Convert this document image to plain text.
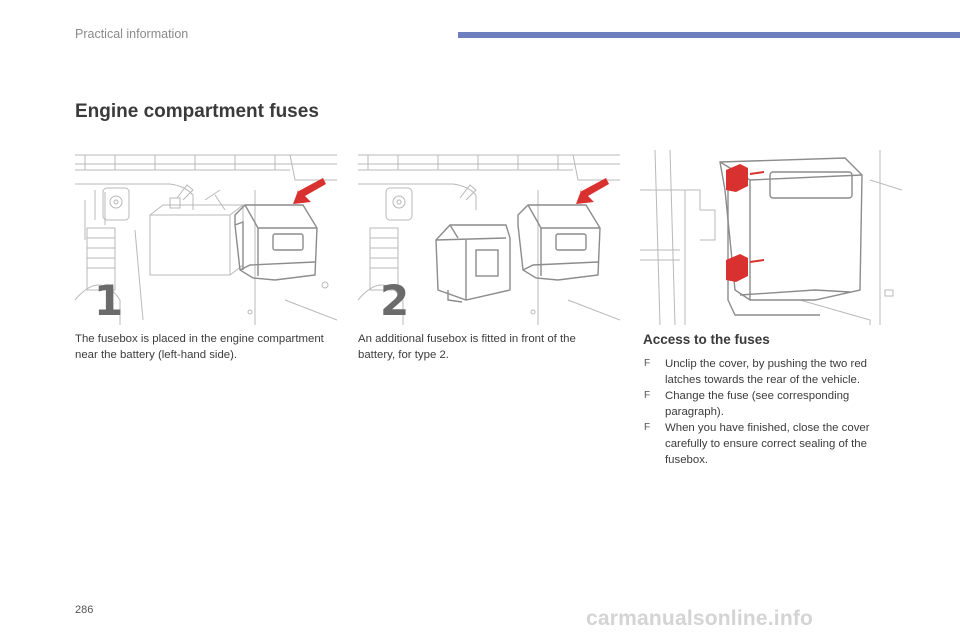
Practical information
Engine compartment fuses
1	2

The fusebox is placed in the engine compartment near the battery (left-hand side).

An additional fusebox is fitted in front of the battery, for type 2.

Access to the fuses
F Unclip the cover, by pushing the two red latches towards the rear of the vehicle.
F Change the fuse (see corresponding paragraph).
F When you have finished, close the cover carefully to ensure correct sealing of the fusebox.
286	carmanualsonline.info
